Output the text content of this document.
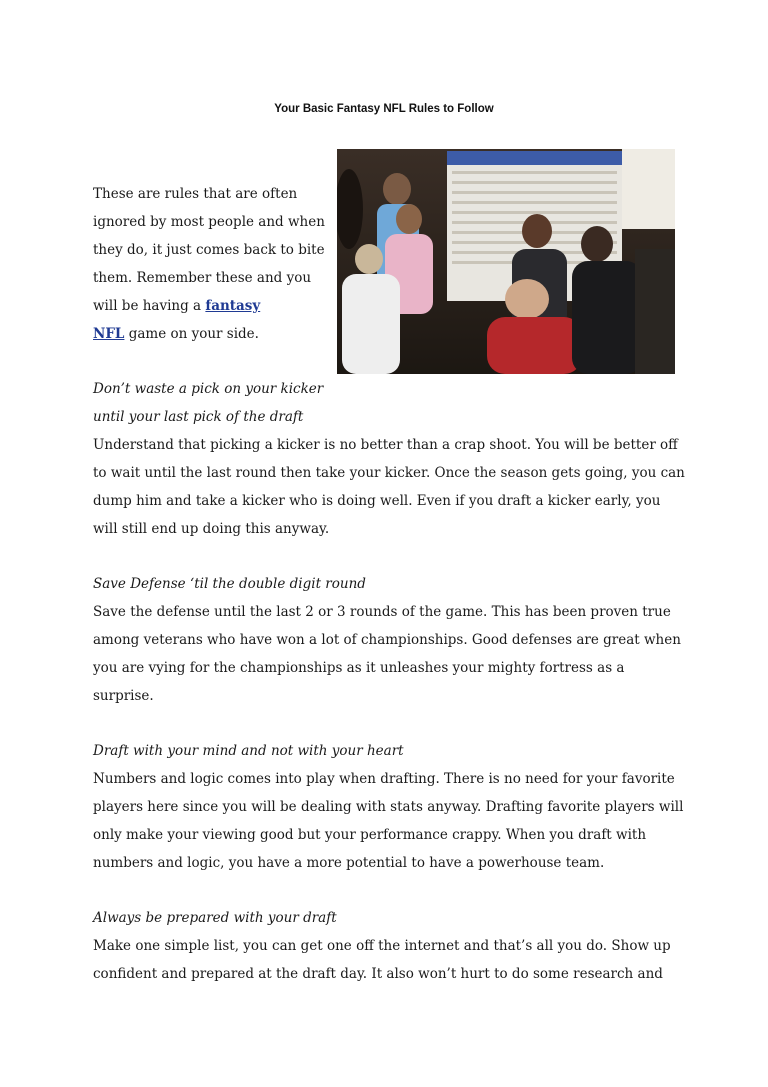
Your Basic Fantasy NFL Rules to Follow
These are rules that are often
ignored by most people and when
they do, it just comes back to bite
them. Remember these and you
will be having a fantasy
NFL game on your side.
Don’t waste a pick on your kicker
until your last pick of the draft
Understand that picking a kicker is no better than a crap shoot. You will be better off
to wait until the last round then take your kicker. Once the season gets going, you can
dump him and take a kicker who is doing well. Even if you draft a kicker early, you
will still end up doing this anyway.
Save Defense ‘til the double digit round
Save the defense until the last 2 or 3 rounds of the game. This has been proven true
among veterans who have won a lot of championships. Good defenses are great when
you are vying for the championships as it unleashes your mighty fortress as a
surprise.
Draft with your mind and not with your heart
Numbers and logic comes into play when drafting. There is no need for your favorite
players here since you will be dealing with stats anyway. Drafting favorite players will
only make your viewing good but your performance crappy. When you draft with
numbers and logic, you have a more potential to have a powerhouse team.
Always be prepared with your draft
Make one simple list, you can get one off the internet and that’s all you do. Show up
confident and prepared at the draft day. It also won’t hurt to do some research and
